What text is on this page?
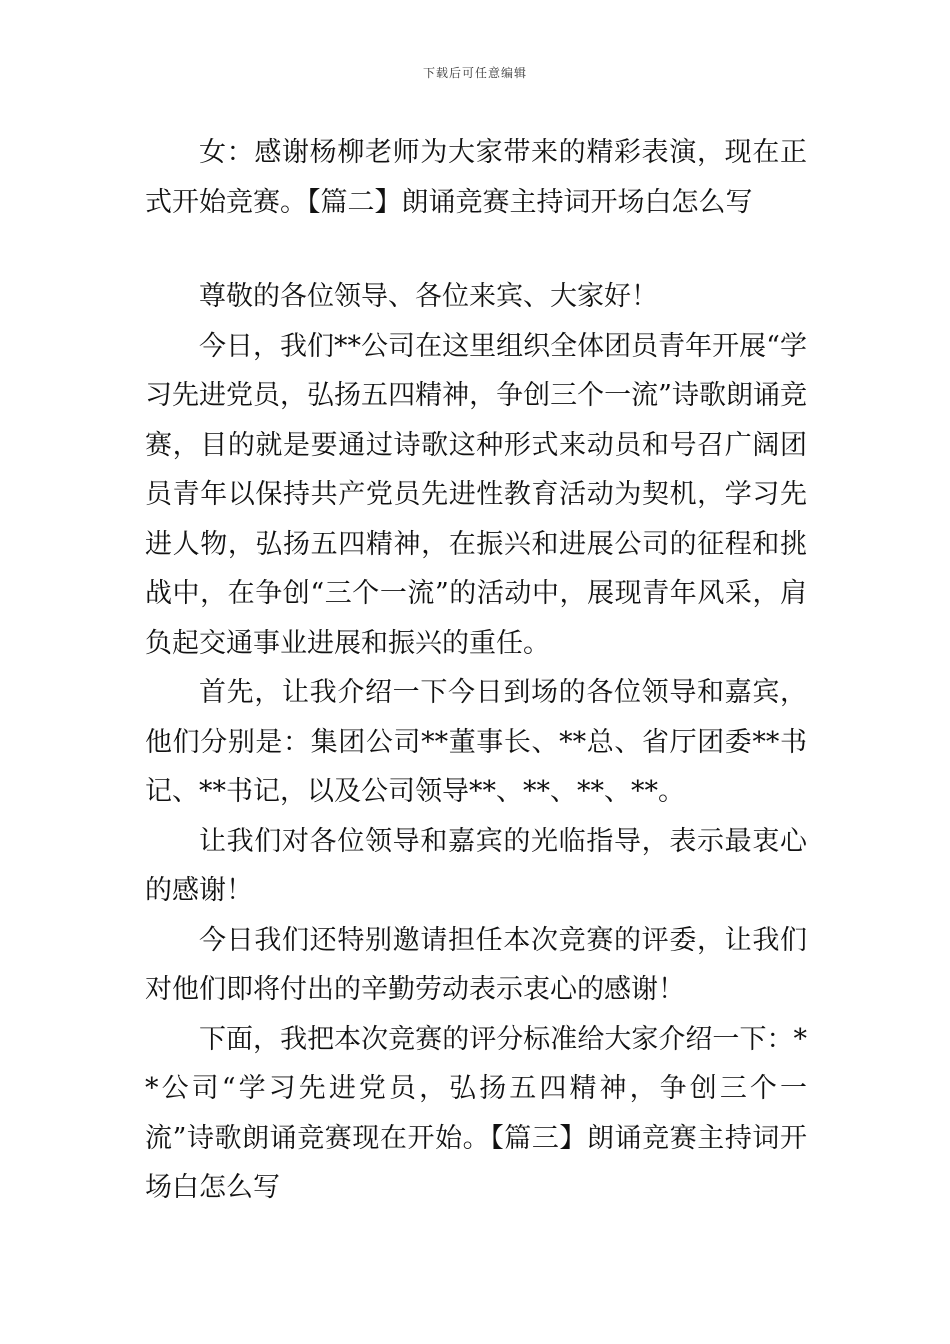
下载后可任意编辑

女：感谢杨柳老师为大家带来的精彩表演，现在正式开始竞赛。【篇二】朗诵竞赛主持词开场白怎么写

尊敬的各位领导、各位来宾、大家好！

今日，我们**公司在这里组织全体团员青年开展“学习先进党员，弘扬五四精神，争创三个一流”诗歌朗诵竞赛，目的就是要通过诗歌这种形式来动员和号召广阔团员青年以保持共产党员先进性教育活动为契机，学习先进人物，弘扬五四精神，在振兴和进展公司的征程和挑战中，在争创“三个一流”的活动中，展现青年风采，肩负起交通事业进展和振兴的重任。

首先，让我介绍一下今日到场的各位领导和嘉宾，他们分别是：集团公司**董事长、**总、省厅团委**书记、**书记，以及公司领导**、**、**、**。

让我们对各位领导和嘉宾的光临指导，表示最衷心的感谢！

今日我们还特别邀请担任本次竞赛的评委，让我们对他们即将付出的辛勤劳动表示衷心的感谢！

下面，我把本次竞赛的评分标准给大家介绍一下：**公司“学习先进党员，弘扬五四精神，争创三个一流”诗歌朗诵竞赛现在开始。【篇三】朗诵竞赛主持词开场白怎么写
